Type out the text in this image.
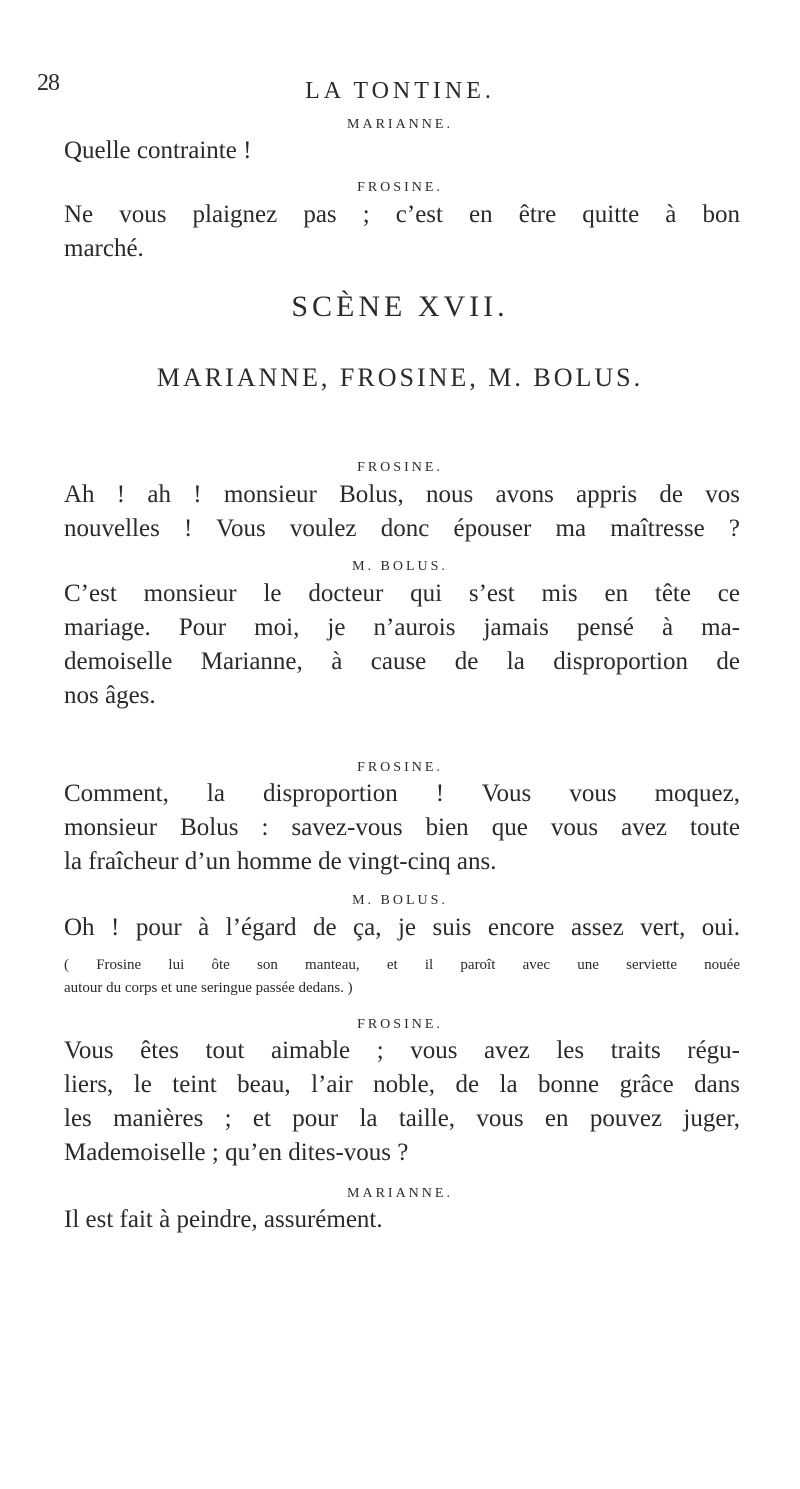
28	LA TONTINE.
MARIANNE.
Quelle contrainte !
FROSINE.
Ne vous plaignez pas ; c’est en être quitte à bon
marché.
SCÈNE XVII.
MARIANNE, FROSINE, M. BOLUS.
FROSINE.
Ah ! ah ! monsieur Bolus, nous avons appris de vos
nouvelles ! Vous voulez donc épouser ma maîtresse ?
M. BOLUS.
C’est monsieur le docteur qui s’est mis en tête ce
mariage. Pour moi, je n’aurois jamais pensé à ma-
demoiselle Marianne, à cause de la disproportion de
nos âges.
FROSINE.
Comment, la disproportion ! Vous vous moquez,
monsieur Bolus : savez-vous bien que vous avez toute
la fraîcheur d’un homme de vingt-cinq ans.
M. BOLUS.
Oh ! pour à l’égard de ça, je suis encore assez vert, oui.
( Frosine lui ôte son manteau, et il paroît avec une serviette nouée
autour du corps et une seringue passée dedans. )
FROSINE.
Vous êtes tout aimable ; vous avez les traits régu-
liers, le teint beau, l’air noble, de la bonne grâce dans
les manières ; et pour la taille, vous en pouvez juger,
Mademoiselle ; qu’en dites-vous ?
MARIANNE.
Il est fait à peindre, assurément.
